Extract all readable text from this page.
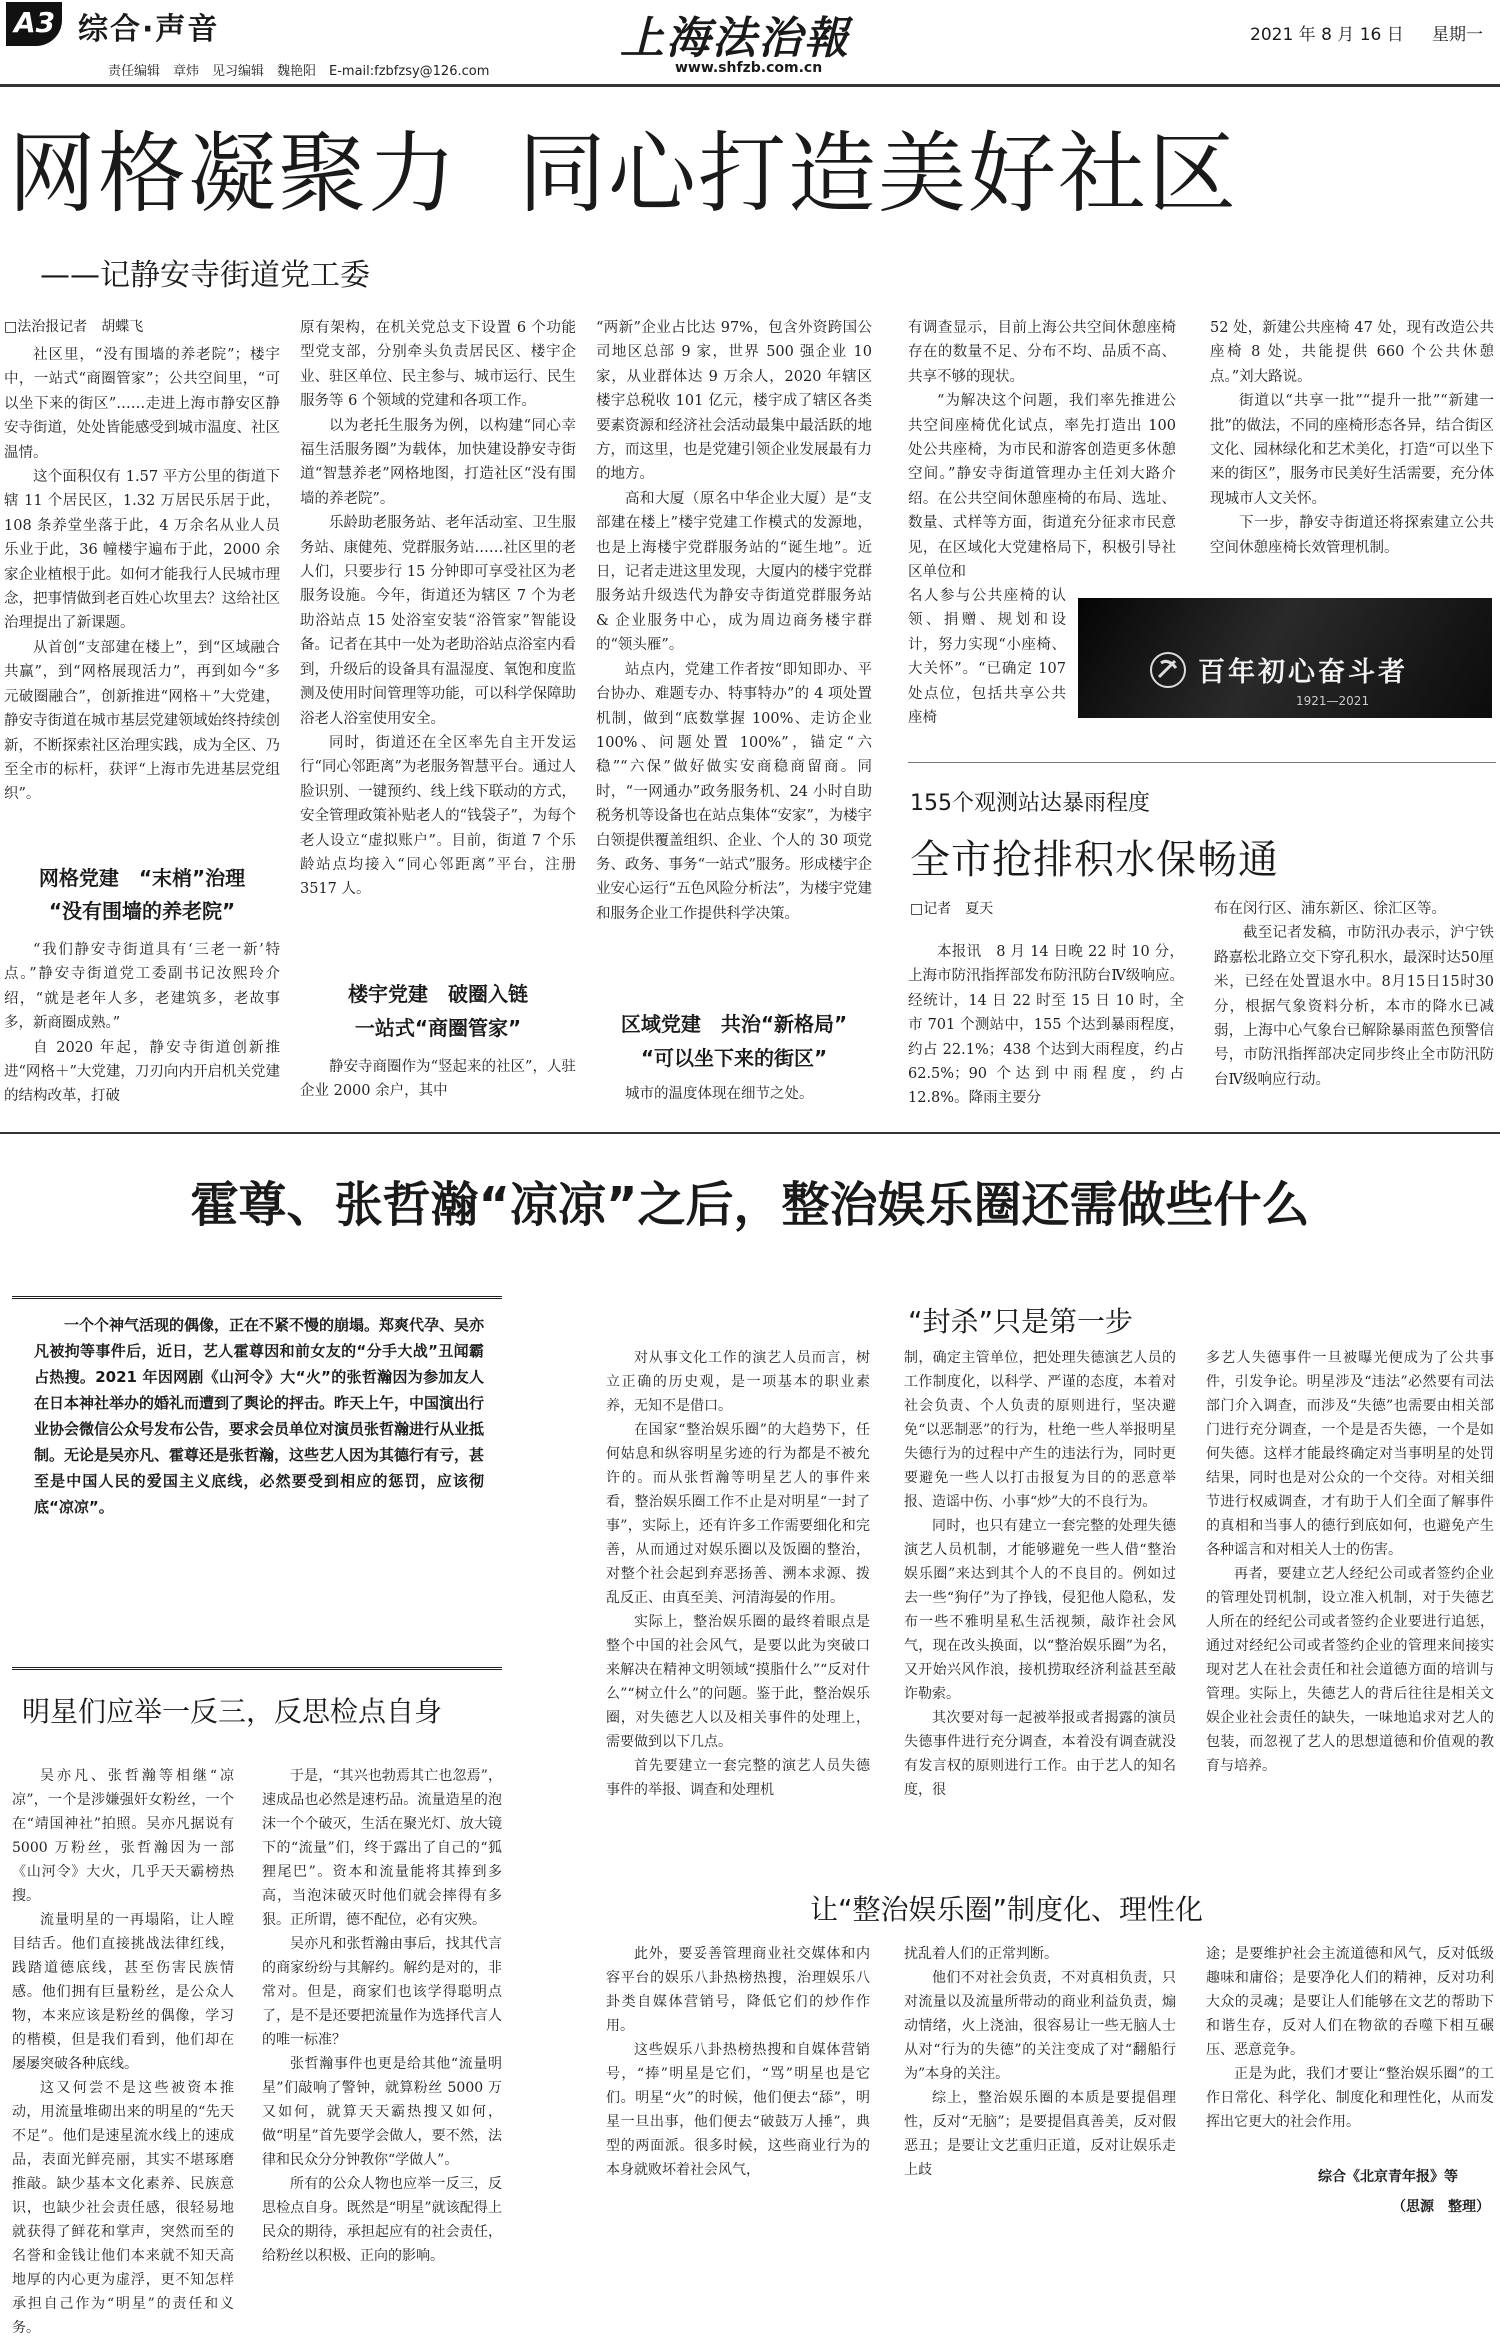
A3 综合·声音
责任编辑　章炜　见习编辑　魏艳阳　E-mail:fzbfzsy@126.com
上海法治報
www.shfzb.com.cn
2021 年 8 月 16 日 星期一
网格凝聚力  同心打造美好社区
——记静安寺街道党工委
□法治报记者　胡蝶飞

社区里，“没有围墙的养老院”；楼宇中，一站式“商圈管家”；公共空间里，“可以坐下来的街区”……走进上海市静安区静安寺街道，处处皆能感受到城市温度、社区温情。

这个面积仅有 1.57 平方公里的街道下辖 11 个居民区，1.32 万居民乐居于此，108 条养堂坐落于此，4 万余名从业人员乐业于此，36 幢楼宇遍布于此，2000 余家企业植根于此。如何才能我行人民城市理念，把事情做到老百姓心坎里去？这给社区治理提出了新课题。

从首创“支部建在楼上”，到“区域融合共赢”，到“网格展现活力”，再到如今“多元破圈融合”，创新推进“网格＋”大党建，静安寺街道在城市基层党建领域始终持续创新，不断探索社区治理实践，成为全区、乃至全市的标杆，获评“上海市先进基层党组织”。

网格党建　“末梢”治理
“没有围墙的养老院”

“我们静安寺街道具有‘三老一新’特点。”静安寺街道党工委副书记汝熙玲介绍，“就是老年人多，老建筑多，老故事多，新商圈成熟。”

自 2020 年起，静安寺街道创新推进“网格＋”大党建，刀刃向内开启机关党建的结构改革，打破

原有架构，在机关党总支下设置 6 个功能型党支部，分别牵头负责居民区、楼宇企业、驻区单位、民主参与、城市运行、民生服务等 6 个领域的党建和各项工作。

以为老托生服务为例，以构建“同心幸福生活服务圈”为载体，加快建设静安寺街道“智慧养老”网格地图，打造社区“没有围墙的养老院”。

乐龄助老服务站、老年活动室、卫生服务站、康健苑、党群服务站……社区里的老人们，只要步行 15 分钟即可享受社区为老服务设施。今年，街道还为辖区 7 个为老助浴站点 15 处浴室安装“浴管家”智能设备。记者在其中一处为老助浴站点浴室内看到，升级后的设备具有温湿度、氧饱和度监测及使用时间管理等功能，可以科学保障助浴老人浴室使用安全。

同时，街道还在全区率先自主开发运行“同心邻距离”为老服务智慧平台。通过人脸识别、一键预约、线上线下联动的方式，安全管理政策补贴老人的“钱袋子”，为每个老人设立“虚拟账户”。目前，街道 7 个乐龄站点均接入“同心邻距离”平台，注册 3517 人。

楼宇党建　破圈入链
一站式“商圈管家”

静安寺商圈作为“竖起来的社区”，人驻企业 2000 余户，其中

“两新”企业占比达 97%，包含外资跨国公司地区总部 9 家，世界 500 强企业 10 家，从业群体达 9 万余人，2020 年辖区楼宇总税收 101 亿元，楼宇成了辖区各类要素资源和经济社会活动最集中最活跃的地方，而这里，也是党建引领企业发展最有力的地方。

高和大厦（原名中华企业大厦）是“支部建在楼上”楼宇党建工作模式的发源地，也是上海楼宇党群服务站的“诞生地”。近日，记者走进这里发现，大厦内的楼宇党群服务站升级迭代为静安寺街道党群服务站 & 企业服务中心，成为周边商务楼宇群的“领头雁”。

站点内，党建工作者按“即知即办、平台协办、难题专办、特事特办”的 4 项处置机制，做到“底数掌握 100%、走访企业 100%、问题处置 100%”，锚定“六稳”“六保”做好做实安商稳商留商。同时，“一网通办”政务服务机、24 小时自助税务机等设备也在站点集体“安家”，为楼宇白领提供覆盖组织、企业、个人的 30 项党务、政务、事务“一站式”服务。形成楼宇企业安心运行“五色风险分析法”，为楼宇党建和服务企业工作提供科学决策。

区域党建　共治“新格局”
“可以坐下来的街区”

城市的温度体现在细节之处。

有调查显示，目前上海公共空间休憩座椅存在的数量不足、分布不均、品质不高、共享不够的现状。

“为解决这个问题，我们率先推进公共空间座椅优化试点，率先打造出 100 处公共座椅，为市民和游客创造更多休憩空间。”静安寺街道管理办主任刘大路介绍。在公共空间休憩座椅的布局、选址、数量、式样等方面，街道充分征求市民意见，在区域化大党建格局下，积极引导社区单位和

名人参与公共座椅的认领、捐赠、规划和设计，努力实现“小座椅、大关怀”。“已确定 107 处点位，包括共享公共座椅

52 处，新建公共座椅 47 处，现有改造公共座椅 8 处，共能提供 660 个公共休憩点。”刘大路说。

街道以“共享一批”“提升一批”“新建一批”的做法，不同的座椅形态各异，结合街区文化、园林绿化和艺术美化，打造“可以坐下来的街区”，服务市民美好生活需要，充分体现城市人文关怀。

下一步，静安寺街道还将探索建立公共空间休憩座椅长效管理机制。

百年初心奋斗者
1921—2021
155个观测站达暴雨程度
全市抢排积水保畅通
□记者　夏天

本报讯　8 月 14 日晚 22 时 10 分，上海市防汛指挥部发布防汛防台Ⅳ级响应。经统计，14 日 22 时至 15 日 10 时，全市 701 个测站中，155 个达到暴雨程度，约占 22.1%；438 个达到大雨程度，约占 62.5%；90 个达到中雨程度，约占 12.8%。降雨主要分

布在闵行区、浦东新区、徐汇区等。

截至记者发稿，市防汛办表示，沪宁铁路嘉松北路立交下穿孔积水，最深时达50厘米，已经在处置退水中。8月15日15时30分，根据气象资料分析，本市的降水已减弱，上海中心气象台已解除暴雨蓝色预警信号，市防汛指挥部决定同步终止全市防汛防台Ⅳ级响应行动。

霍尊、张哲瀚“凉凉”之后，整治娱乐圈还需做些什么
一个个神气活现的偶像，正在不紧不慢的崩塌。郑爽代孕、吴亦凡被拘等事件后，近日，艺人霍尊因和前女友的“分手大战”丑闻霸占热搜。2021 年因网剧《山河令》大“火”的张哲瀚因为参加友人在日本神社举办的婚礼而遭到了舆论的抨击。昨天上午，中国演出行业协会微信公众号发布公告，要求会员单位对演员张哲瀚进行从业抵制。无论是吴亦凡、霍尊还是张哲瀚，这些艺人因为其德行有亏，甚至是中国人民的爱国主义底线，必然要受到相应的惩罚，应该彻底“凉凉”。
明星们应举一反三，反思检点自身
“封杀”只是第一步
让“整治娱乐圈”制度化、理性化

吴亦凡、张哲瀚等相继“凉凉”，一个是涉嫌强奸女粉丝，一个在“靖国神社”拍照。吴亦凡据说有 5000 万粉丝，张哲瀚因为一部《山河令》大火，几乎天天霸榜热搜。

流量明星的一再塌陷，让人瞠目结舌。他们直接挑战法律红线，践踏道德底线，甚至伤害民族情感。他们拥有巨量粉丝，是公众人物，本来应该是粉丝的偶像，学习的楷模，但是我们看到，他们却在屡屡突破各种底线。

这又何尝不是这些被资本推动，用流量堆砌出来的明星的“先天不足”。他们是速星流水线上的速成品，表面光鲜亮丽，其实不堪琢磨推敲。缺少基本文化素养、民族意识，也缺少社会责任感，很轻易地就获得了鲜花和掌声，突然而至的名誉和金钱让他们本来就不知天高地厚的内心更为虚浮，更不知怎样承担自己作为“明星”的责任和义务。

于是，“其兴也勃焉其亡也忽焉”，速成品也必然是速朽品。流量造星的泡沫一个个破灭，生活在聚光灯、放大镜下的“流量”们，终于露出了自己的“狐狸尾巴”。资本和流量能将其捧到多高，当泡沫破灭时他们就会摔得有多狠。正所谓，德不配位，必有灾殃。

吴亦凡和张哲瀚由事后，找其代言的商家纷纷与其解约。解约是对的，非常对。但是，商家们也该学得聪明点了，是不是还要把流量作为选择代言人的唯一标准？

张哲瀚事件也更是给其他“流量明星”们敲响了警钟，就算粉丝 5000 万又如何，就算天天霸热搜又如何，做“明星”首先要学会做人，要不然，法律和民众分分钟教你“学做人”。

所有的公众人物也应举一反三，反思检点自身。既然是“明星”就该配得上民众的期待，承担起应有的社会责任，给粉丝以积极、正向的影响。

对从事文化工作的演艺人员而言，树立正确的历史观，是一项基本的职业素养，无知不是借口。

在国家“整治娱乐圈”的大趋势下，任何姑息和纵容明星劣迹的行为都是不被允许的。而从张哲瀚等明星艺人的事件来看，整治娱乐圈工作不止是对明星“一封了事”，实际上，还有许多工作需要细化和完善，从而通过对娱乐圈以及饭圈的整治，对整个社会起到弃恶扬善、溯本求源、拨乱反正、由真至美、河清海晏的作用。

实际上，整治娱乐圈的最终着眼点是整个中国的社会风气，是要以此为突破口来解决在精神文明领域“摸脂什么”“反对什么”“树立什么”的问题。鉴于此，整治娱乐圈，对失德艺人以及相关事件的处理上，需要做到以下几点。

首先要建立一套完整的演艺人员失德事件的举报、调查和处理机

制，确定主管单位，把处理失德演艺人员的工作制度化，以科学、严谨的态度，本着对社会负责、个人负责的原则进行，坚决避免“以恶制恶”的行为，杜绝一些人举报明星失德行为的过程中产生的违法行为，同时更要避免一些人以打击报复为目的的恶意举报、造谣中伤、小事“炒”大的不良行为。

同时，也只有建立一套完整的处理失德演艺人员机制，才能够避免一些人借“整治娱乐圈”来达到其个人的不良目的。例如过去一些“狗仔”为了挣钱，侵犯他人隐私，发布一些不雅明星私生活视频，敲诈社会风气，现在改头换面，以“整治娱乐圈”为名，又开始兴风作浪，接机捞取经济利益甚至敲诈勒索。

其次要对每一起被举报或者揭露的演员失德事件进行充分调查，本着没有调查就没有发言权的原则进行工作。由于艺人的知名度，很

多艺人失德事件一旦被曝光便成为了公共事件，引发争论。明星涉及“违法”必然要有司法部门介入调查，而涉及“失德”也需要由相关部门进行充分调查，一个是是否失德，一个是如何失德。这样才能最终确定对当事明星的处罚结果，同时也是对公众的一个交待。对相关细节进行权威调查，才有助于人们全面了解事件的真相和当事人的德行到底如何，也避免产生各种谣言和对相关人士的伤害。

再者，要建立艺人经纪公司或者签约企业的管理处罚机制，设立准入机制，对于失德艺人所在的经纪公司或者签约企业要进行追惩，通过对经纪公司或者签约企业的管理来间接实现对艺人在社会责任和社会道德方面的培训与管理。实际上，失德艺人的背后往往是相关文娱企业社会责任的缺失，一味地追求对艺人的包装，而忽视了艺人的思想道德和价值观的教育与培养。

此外，要妥善管理商业社交媒体和内容平台的娱乐八卦热榜热搜，治理娱乐八卦类自媒体营销号，降低它们的炒作作用。

这些娱乐八卦热榜热搜和自媒体营销号，“捧”明星是它们，“骂”明星也是它们。明星“火”的时候，他们便去“舔”，明星一旦出事，他们便去“破鼓万人捶”，典型的两面派。很多时候，这些商业行为的本身就败坏着社会风气，

扰乱着人们的正常判断。

他们不对社会负责，不对真相负责，只对流量以及流量所带动的商业利益负责，煽动情绪，火上浇油，很容易让一些无脑人士从对“行为的失德”的关注变成了对“翻船行为”本身的关注。

综上，整治娱乐圈的本质是要提倡理性，反对“无脑”；是要提倡真善美，反对假恶丑；是要让文艺重归正道，反对让娱乐走上歧

途；是要维护社会主流道德和风气，反对低级趣味和庸俗；是要净化人们的精神，反对功利大众的灵魂；是要让人们能够在文艺的帮助下和谐生存，反对人们在物欲的吞噬下相互碾压、恶意竞争。

正是为此，我们才要让“整治娱乐圈”的工作日常化、科学化、制度化和理性化，从而发挥出它更大的社会作用。

综合《北京青年报》等
（思源　整理）
